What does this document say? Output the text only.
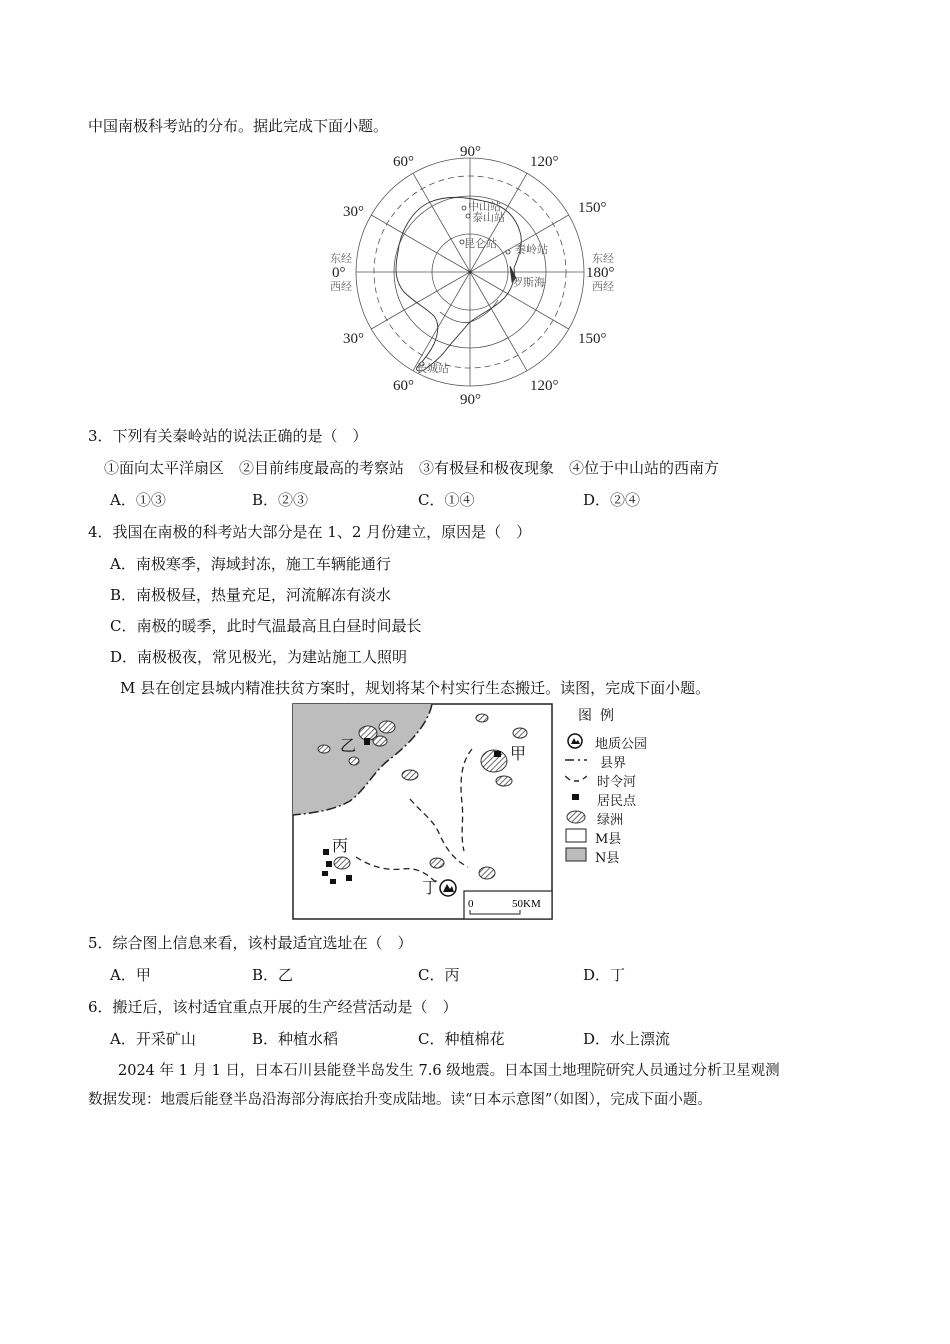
中国南极科考站的分布。据此完成下面小题。
90°
120°
60°
30°	150°
0°	180°
30°	150°
60°
90°
120°
东经
西经
东经
西经
中山站
泰山站
昆仑站 秦岭站
罗斯海
长城站
3．下列有关秦岭站的说法正确的是（　）
①面向太平洋扇区　②目前纬度最高的考察站　③有极昼和极夜现象　④位于中山站的西南方
A．①③	B．②③	C．①④	D．②④
4．我国在南极的科考站大部分是在 1、2 月份建立，原因是（　）
A．南极寒季，海域封冻，施工车辆能通行
B．南极极昼，热量充足，河流解冻有淡水
C．南极的暖季，此时气温最高且白昼时间最长
D．南极极夜，常见极光，为建站施工人照明
M 县在创定县城内精准扶贫方案时，规划将某个村实行生态搬迁。读图，完成下面小题。
乙	甲
丙
丁
0	50KM
图例
地质公园
县界
时令河
居民点
绿洲
M县
N县
5．综合图上信息来看，该村最适宜选址在（　）
A．甲	B．乙	C．丙	D．丁
6．搬迁后，该村适宜重点开展的生产经营活动是（　）
A．开采矿山	B．种植水稻	C．种植棉花	D．水上漂流
2024 年 1 月 1 日，日本石川县能登半岛发生 7.6 级地震。日本国土地理院研究人员通过分析卫星观测
数据发现：地震后能登半岛沿海部分海底抬升变成陆地。读“日本示意图”（如图），完成下面小题。
